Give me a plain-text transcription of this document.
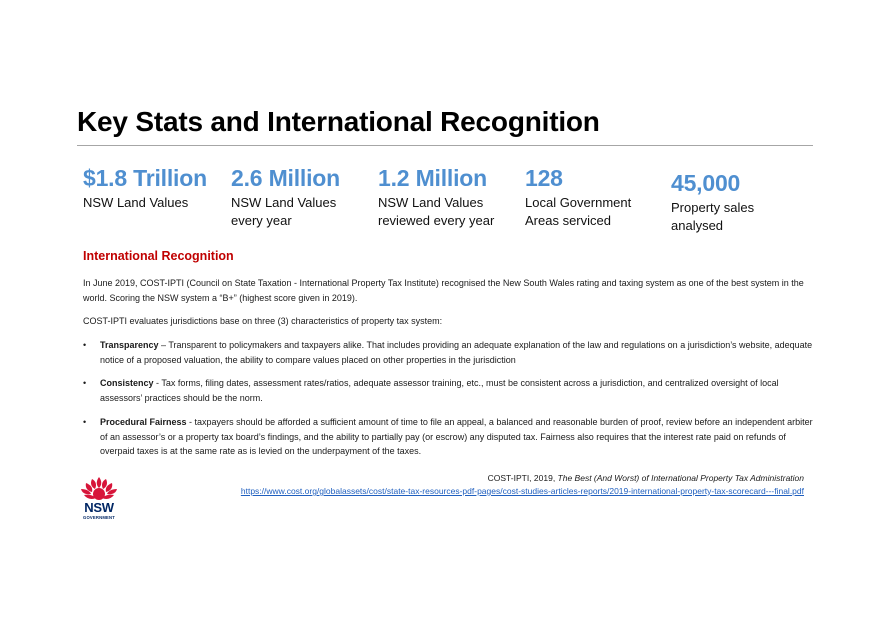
Key Stats and International Recognition
$1.8 Trillion
NSW Land Values
2.6 Million
NSW Land Values
every year
1.2 Million
NSW Land Values
reviewed every year
128
Local Government
Areas serviced
45,000
Property sales
analysed
International Recognition
In June 2019, COST-IPTI (Council on State Taxation - International Property Tax Institute) recognised the New South Wales rating and taxing system as one of the best system in the world. Scoring the NSW system a “B+” (highest score given in 2019).
COST-IPTI evaluates jurisdictions base on three (3) characteristics of property tax system:
• Transparency – Transparent to policymakers and taxpayers alike. That includes providing an adequate explanation of the law and regulations on a jurisdiction’s website, adequate notice of a proposed valuation, the ability to compare values placed on other properties in the jurisdiction
• Consistency - Tax forms, filing dates, assessment rates/ratios, adequate assessor training, etc., must be consistent across a jurisdiction, and centralized oversight of local assessors’ practices should be the norm.
• Procedural Fairness - taxpayers should be afforded a sufficient amount of time to file an appeal, a balanced and reasonable burden of proof, review before an independent arbiter of an assessor’s or a property tax board’s findings, and the ability to partially pay (or escrow) any disputed tax. Fairness also requires that the interest rate paid on refunds of overpaid taxes is at the same rate as is levied on the underpayment of the taxes.
COST-IPTI, 2019, The Best (And Worst) of International Property Tax Administration
https://www.cost.org/globalassets/cost/state-tax-resources-pdf-pages/cost-studies-articles-reports/2019-international-property-tax-scorecard---final.pdf
NSW
GOVERNMENT
